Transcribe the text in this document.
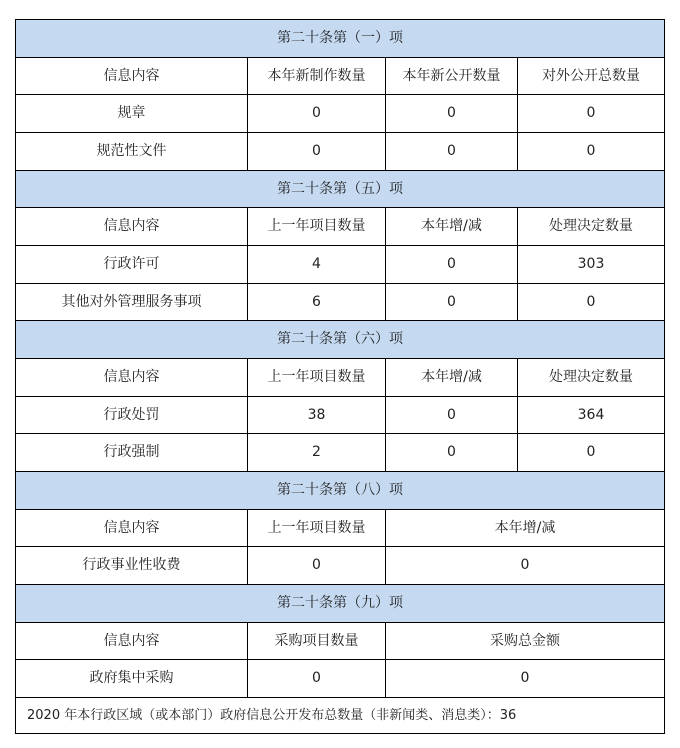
第二十条第（一）项			
信息内容	本年新制作数量	本年新公开数量	对外公开总数量
规章	0	0	0
规范性文件	0	0	0
第二十条第（五）项			
信息内容	上一年项目数量	本年增/减	处理决定数量
行政许可	4	0	303
其他对外管理服务事项	6	0	0
第二十条第（六）项			
信息内容	上一年项目数量	本年增/减	处理决定数量
行政处罚	38	0	364
行政强制	2	0	0
第二十条第（八）项			
信息内容	上一年项目数量	本年增/减	
行政事业性收费	0	0	
第二十条第（九）项			
信息内容	采购项目数量	采购总金额	
政府集中采购	0	0	
2020 年本行政区域（或本部门）政府信息公开发布总数量（非新闻类、消息类）：36			
